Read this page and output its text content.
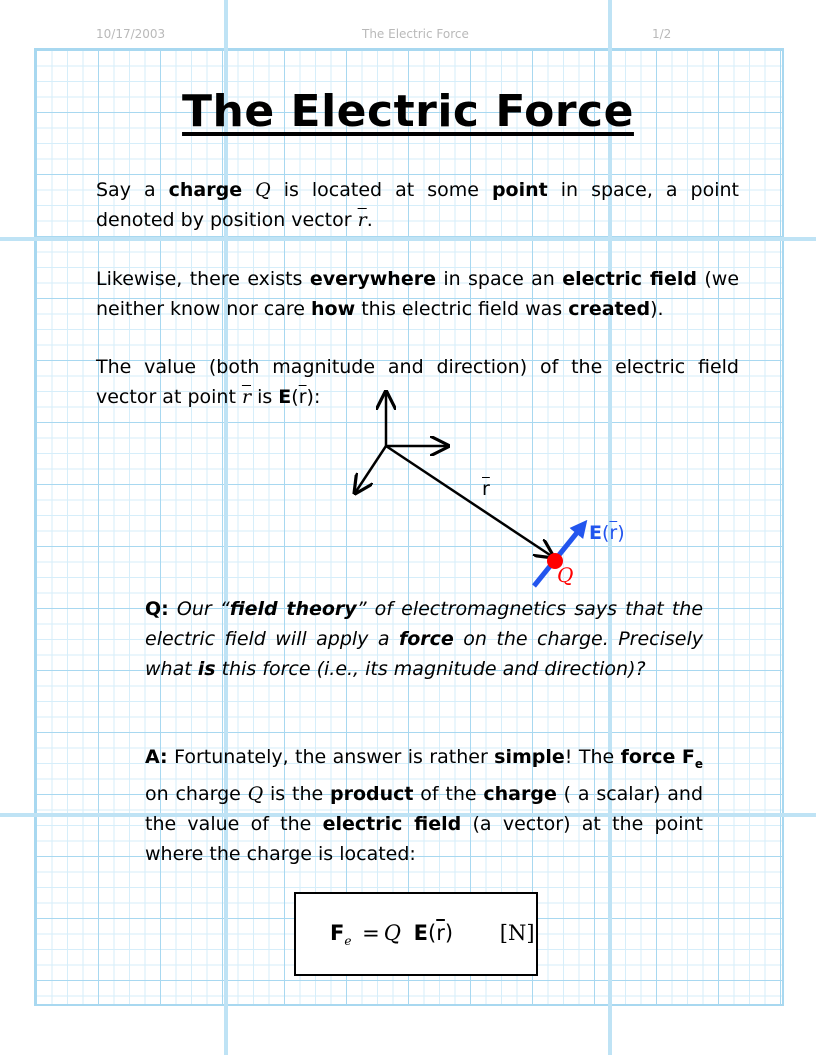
10/17/2003	The Electric Force	1/2
The Electric Force
Say a charge Q is located at some point in space, a point denoted by position vector $\overline{r}$.
Likewise, there exists everywhere in space an electric field (we neither know nor care how this electric field was created).
The value (both magnitude and direction) of the electric field vector at point $\overline{r}$ is $E(\overline{r})$:
$\overline{r}$
$E(\overline{r})$
Q
Q: Our “field theory” of electromagnetics says that the electric field will apply a force on the charge. Precisely what is this force (i.e., its magnitude and direction)?
A: Fortunately, the answer is rather simple! The force $F_e$ on charge Q is the product of the charge ( a scalar) and the value of the electric field (a vector) at the point where the charge is located:
$F_e = Q$ $E(\overline{r})$ [N]
